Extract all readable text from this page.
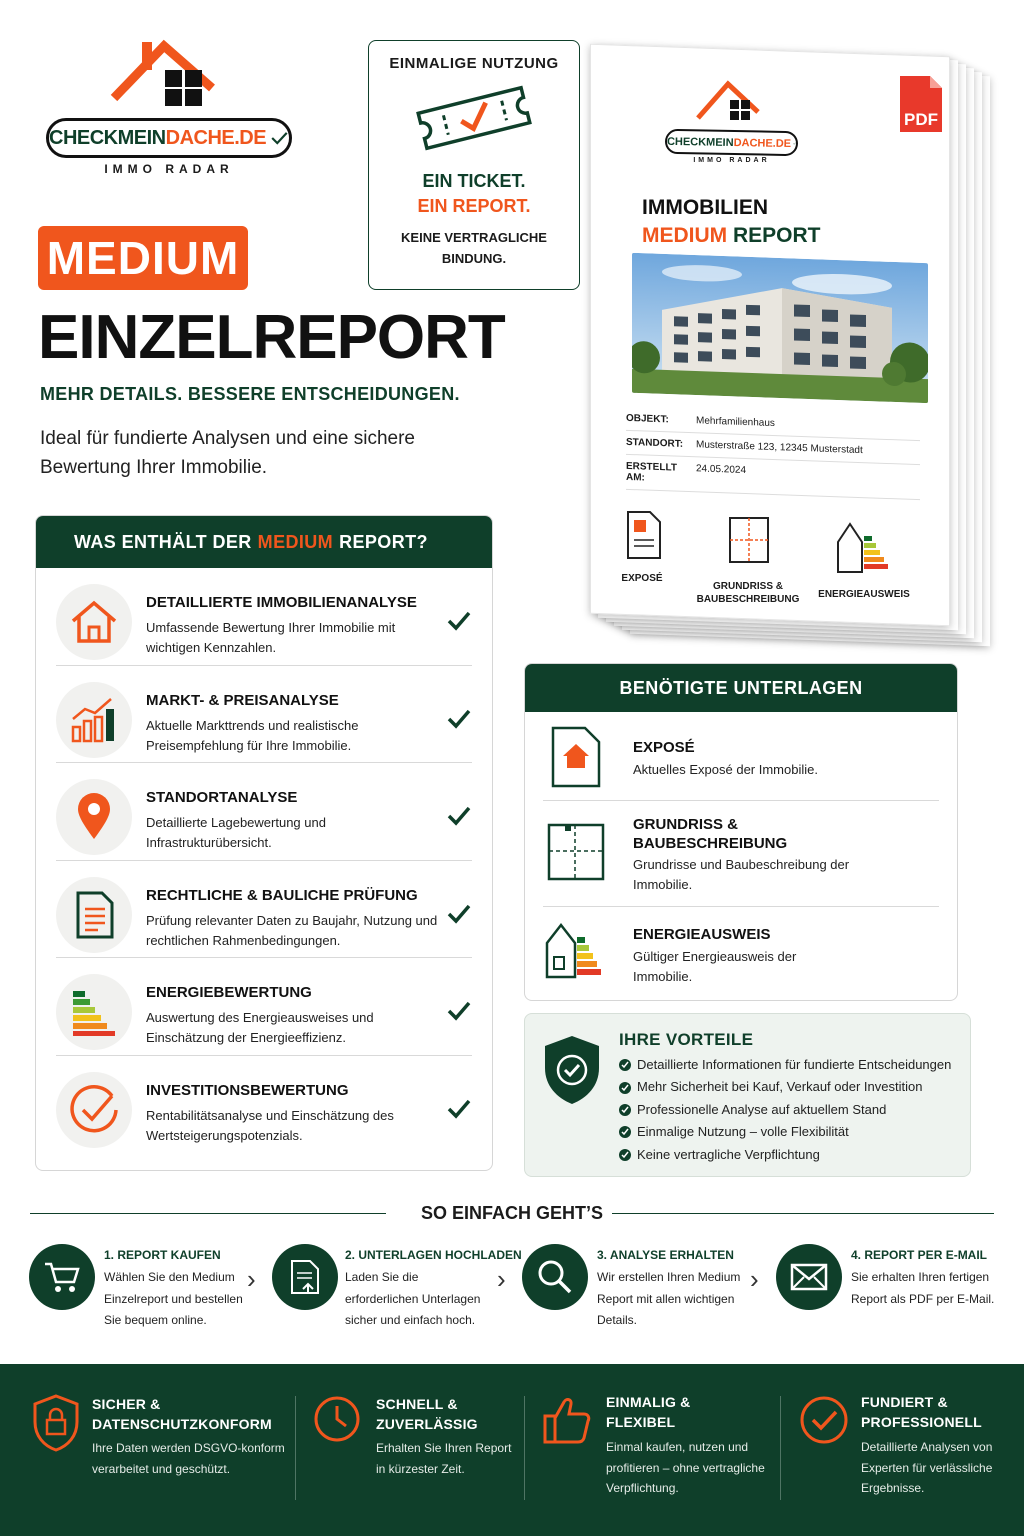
CHECKMEINDACHE.DE
IMMO RADAR
EINMALIGE NUTZUNG
EIN TICKET.
EIN REPORT.
KEINE VERTRAGLICHE BINDUNG.
MEDIUM
EINZELREPORT
MEHR DETAILS. BESSERE ENTSCHEIDUNGEN.
Ideal für fundierte Analysen und eine sichere Bewertung Ihrer Immobilie.
WAS ENTHÄLT DER MEDIUM REPORT?
DETAILLIERTE IMMOBILIENANALYSE
Umfassende Bewertung Ihrer Immobilie mit wichtigen Kennzahlen.
MARKT- & PREISANALYSE
Aktuelle Markttrends und realistische Preisempfehlung für Ihre Immobilie.
STANDORTANALYSE
Detaillierte Lagebewertung und Infrastrukturübersicht.
RECHTLICHE & BAULICHE PRÜFUNG
Prüfung relevanter Daten zu Baujahr, Nutzung und rechtlichen Rahmenbedingungen.
ENERGIEBEWERTUNG
Auswertung des Energieausweises und Einschätzung der Energieeffizienz.
INVESTITIONSBEWERTUNG
Rentabilitätsanalyse und Einschätzung des Wertsteigerungspotenzials.
CHECKMEINDACHE.DE
IMMO RADAR
PDF
IMMOBILIEN
MEDIUM REPORT
OBJEKT:	Mehrfamilienhaus
STANDORT:	Musterstraße 123, 12345 Musterstadt
ERSTELLT AM:
24.05.2024
EXPOSÉ
GRUNDRISS & BAUBESCHREIBUNG ENERGIEAUSWEIS
BENÖTIGTE UNTERLAGEN
EXPOSÉ
Aktuelles Exposé der Immobilie.
GRUNDRISS & BAUBESCHREIBUNG
Grundrisse und Baubeschreibung der Immobilie.
ENERGIEAUSWEIS
Gültiger Energieausweis der Immobilie.
IHRE VORTEILE
Detaillierte Informationen für fundierte Entscheidungen
Mehr Sicherheit bei Kauf, Verkauf oder Investition
Professionelle Analyse auf aktuellem Stand
Einmalige Nutzung – volle Flexibilität
Keine vertragliche Verpflichtung
SO EINFACH GEHT’S
1. REPORT KAUFEN
Wählen Sie den Medium Einzelreport und bestellen Sie bequem online.
›
2. UNTERLAGEN HOCHLADEN
Laden Sie die erforderlichen Unterlagen sicher und einfach hoch.
›
3. ANALYSE ERHALTEN
Wir erstellen Ihren Medium Report mit allen wichtigen Details.
›
4. REPORT PER E-MAIL
Sie erhalten Ihren fertigen Report als PDF per E-Mail.
SICHER & DATENSCHUTZKONFORM
Ihre Daten werden DSGVO-konform verarbeitet und geschützt.
SCHNELL & ZUVERLÄSSIG
Erhalten Sie Ihren Report in kürzester Zeit.
EINMALIG & FLEXIBEL
Einmal kaufen, nutzen und profitieren – ohne vertragliche Verpflichtung.
FUNDIERT & PROFESSIONELL
Detaillierte Analysen von Experten für verlässliche Ergebnisse.
